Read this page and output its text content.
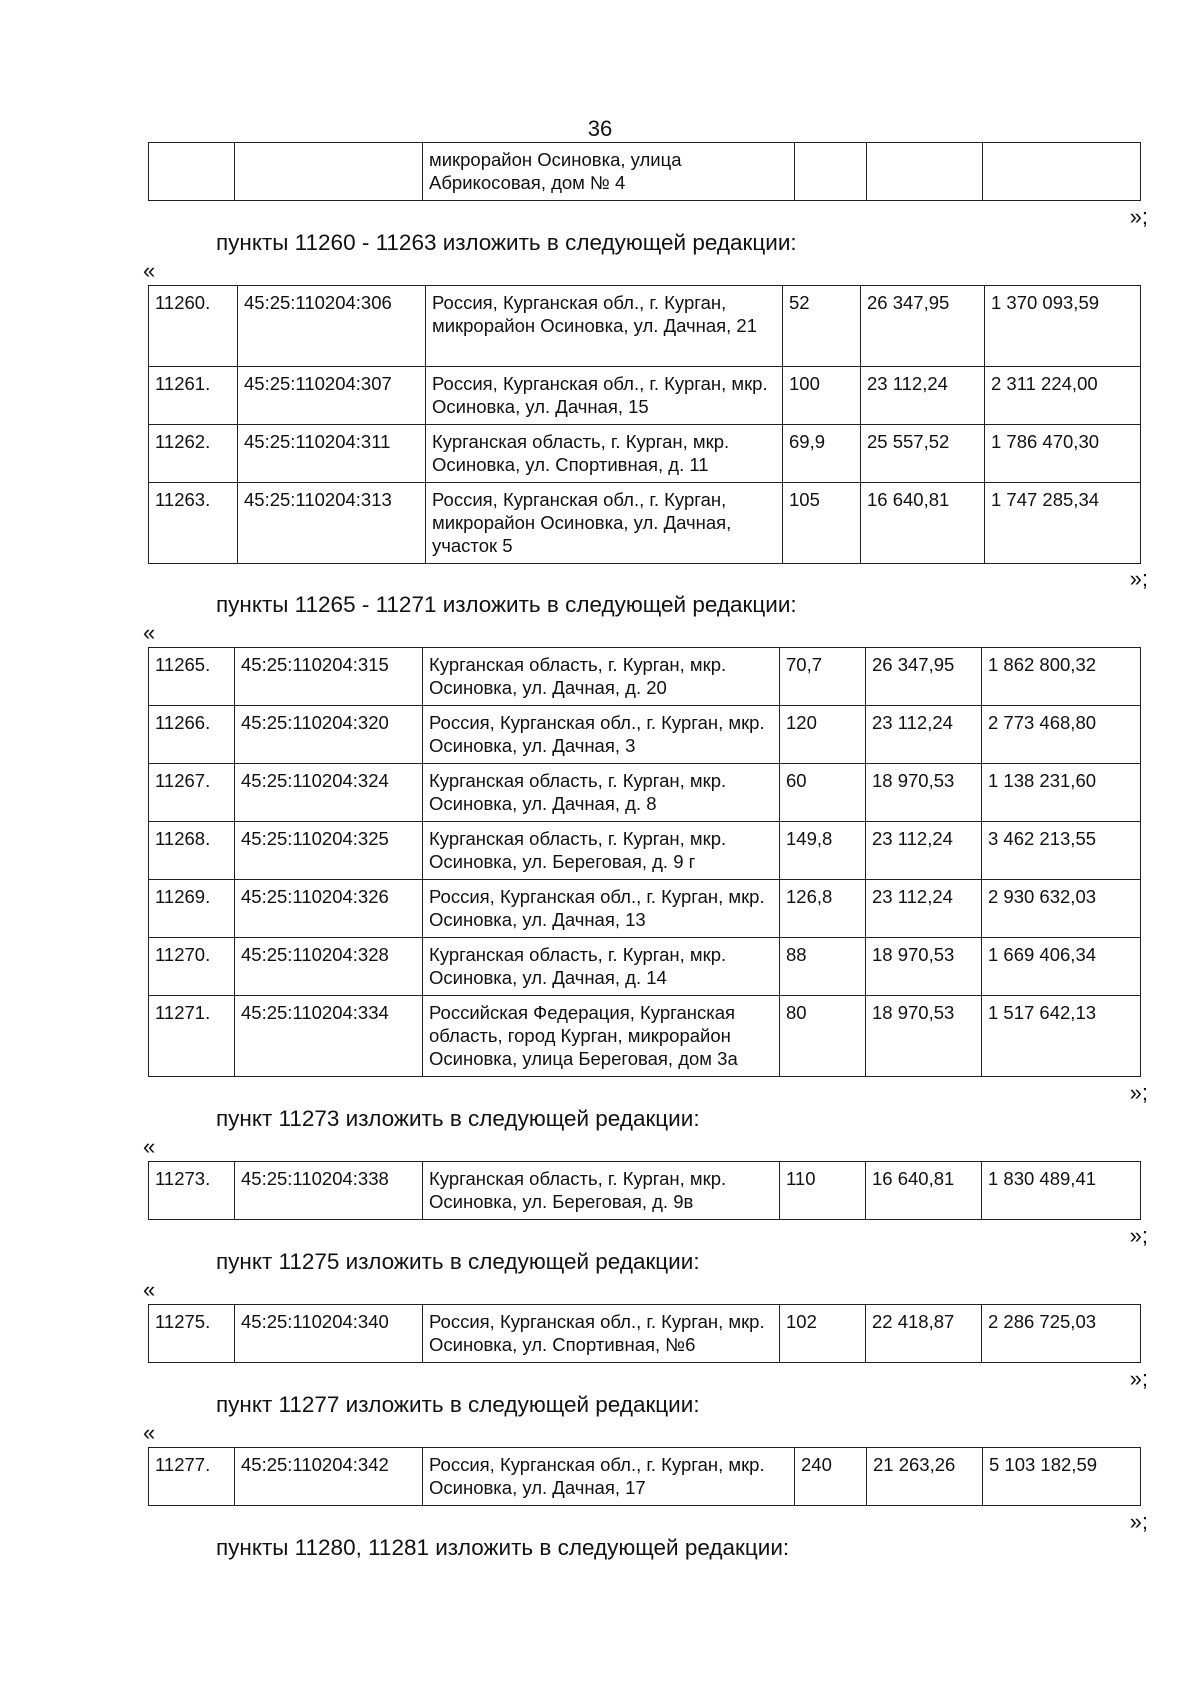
36
		микрорайон Осиновка, улица Абрикосовая, дом № 4			
»;
пункты 11260 - 11263 изложить в следующей редакции:
«
11260.	45:25:110204:306	Россия, Курганская обл., г. Курган, микрорайон Осиновка, ул. Дачная, 21	52	26 347,95	1 370 093,59
11261.	45:25:110204:307	Россия, Курганская обл., г. Курган, мкр. Осиновка, ул. Дачная, 15	100	23 112,24	2 311 224,00
11262.	45:25:110204:311	Курганская область, г. Курган, мкр. Осиновка, ул. Спортивная, д. 11	69,9	25 557,52	1 786 470,30
11263.	45:25:110204:313	Россия, Курганская обл., г. Курган, микрорайон Осиновка, ул. Дачная, участок 5	105	16 640,81	1 747 285,34
»;
пункты 11265 - 11271 изложить в следующей редакции:
«
11265.	45:25:110204:315	Курганская область, г. Курган, мкр. Осиновка, ул. Дачная, д. 20	70,7	26 347,95	1 862 800,32
11266.	45:25:110204:320	Россия, Курганская обл., г. Курган, мкр. Осиновка, ул. Дачная, 3	120	23 112,24	2 773 468,80
11267.	45:25:110204:324	Курганская область, г. Курган, мкр. Осиновка, ул. Дачная, д. 8	60	18 970,53	1 138 231,60
11268.	45:25:110204:325	Курганская область, г. Курган, мкр. Осиновка, ул. Береговая, д. 9 г	149,8	23 112,24	3 462 213,55
11269.	45:25:110204:326	Россия, Курганская обл., г. Курган, мкр. Осиновка, ул. Дачная, 13	126,8	23 112,24	2 930 632,03
11270.	45:25:110204:328	Курганская область, г. Курган, мкр. Осиновка, ул. Дачная, д. 14	88	18 970,53	1 669 406,34
11271.	45:25:110204:334	Российская Федерация, Курганская область, город Курган, микрорайон Осиновка, улица Береговая, дом 3а	80	18 970,53	1 517 642,13
»;
пункт 11273 изложить в следующей редакции:
«
11273.	45:25:110204:338	Курганская область, г. Курган, мкр. Осиновка, ул. Береговая, д. 9в	110	16 640,81	1 830 489,41
»;
пункт 11275 изложить в следующей редакции:
«
11275.	45:25:110204:340	Россия, Курганская обл., г. Курган, мкр. Осиновка, ул. Спортивная, №6	102	22 418,87	2 286 725,03
»;
пункт 11277 изложить в следующей редакции:
«
11277.	45:25:110204:342	Россия, Курганская обл., г. Курган, мкр. Осиновка, ул. Дачная, 17	240	21 263,26	5 103 182,59
»;
пункты 11280, 11281 изложить в следующей редакции:
